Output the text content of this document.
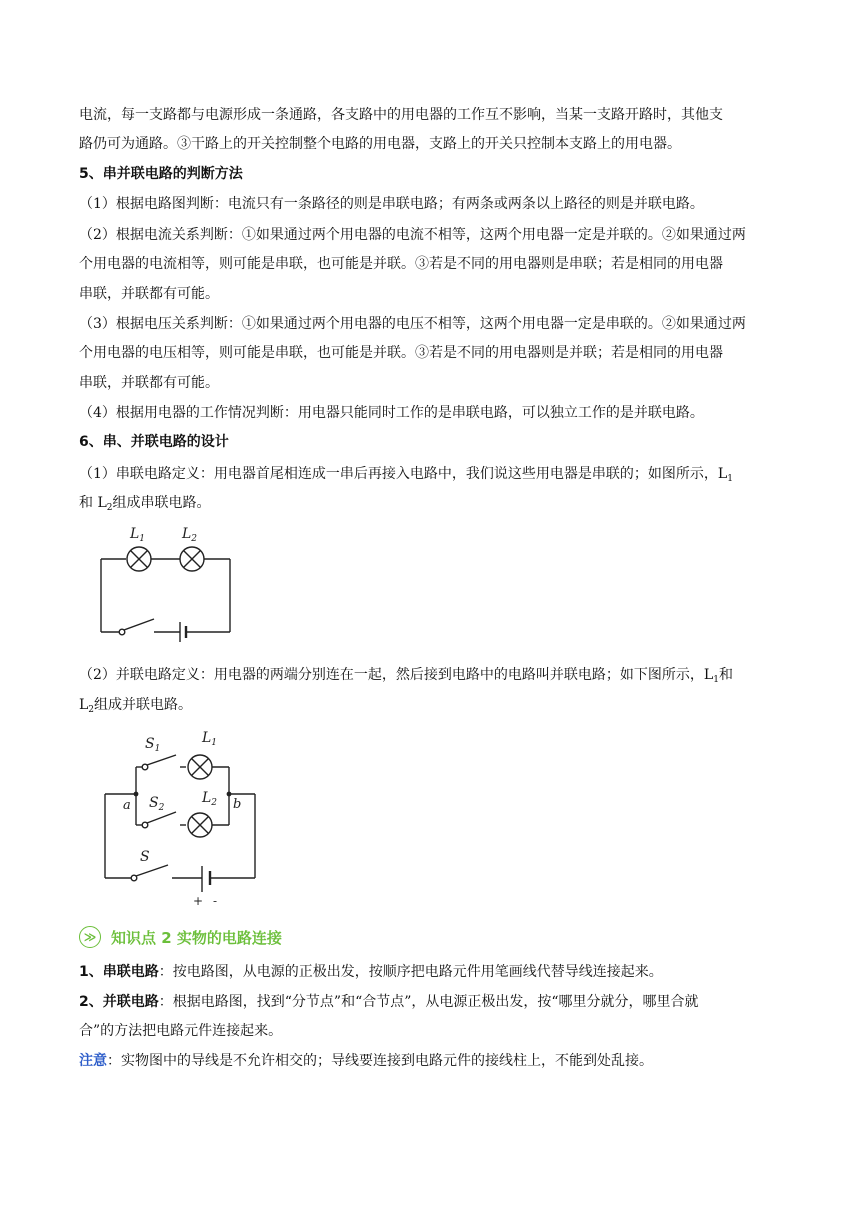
电流，每一支路都与电源形成一条通路，各支路中的用电器的工作互不影响，当某一支路开路时，其他支
路仍可为通路。③干路上的开关控制整个电路的用电器，支路上的开关只控制本支路上的用电器。
5、串并联电路的判断方法
（1）根据电路图判断：电流只有一条路径的则是串联电路；有两条或两条以上路径的则是并联电路。
（2）根据电流关系判断：①如果通过两个用电器的电流不相等，这两个用电器一定是并联的。②如果通过两
个用电器的电流相等，则可能是串联，也可能是并联。③若是不同的用电器则是串联；若是相同的用电器
串联，并联都有可能。
（3）根据电压关系判断：①如果通过两个用电器的电压不相等，这两个用电器一定是串联的。②如果通过两
个用电器的电压相等，则可能是串联，也可能是并联。③若是不同的用电器则是并联；若是相同的用电器
串联，并联都有可能。
（4）根据用电器的工作情况判断：用电器只能同时工作的是串联电路，可以独立工作的是并联电路。
6、串、并联电路的设计
（1）串联电路定义：用电器首尾相连成一串后再接入电路中，我们说这些用电器是串联的；如图所示，$L_1$
和 $L_2$组成串联电路。
$L_1$	$L_2$
（2）并联电路定义：用电器的两端分别连在一起，然后接到电路中的电路叫并联电路；如下图所示，$L_1$和
$L_2$组成并联电路。
$S_1$
$L_1$
$S_2$
$L_2$
a	b
S
+ -
≫ 知识点 2 实物的电路连接
1、串联电路：按电路图，从电源的正极出发，按顺序把电路元件用笔画线代替导线连接起来。
2、并联电路：根据电路图，找到“分节点”和“合节点”，从电源正极出发，按“哪里分就分，哪里合就
合”的方法把电路元件连接起来。
注意：实物图中的导线是不允许相交的；导线要连接到电路元件的接线柱上，不能到处乱接。
